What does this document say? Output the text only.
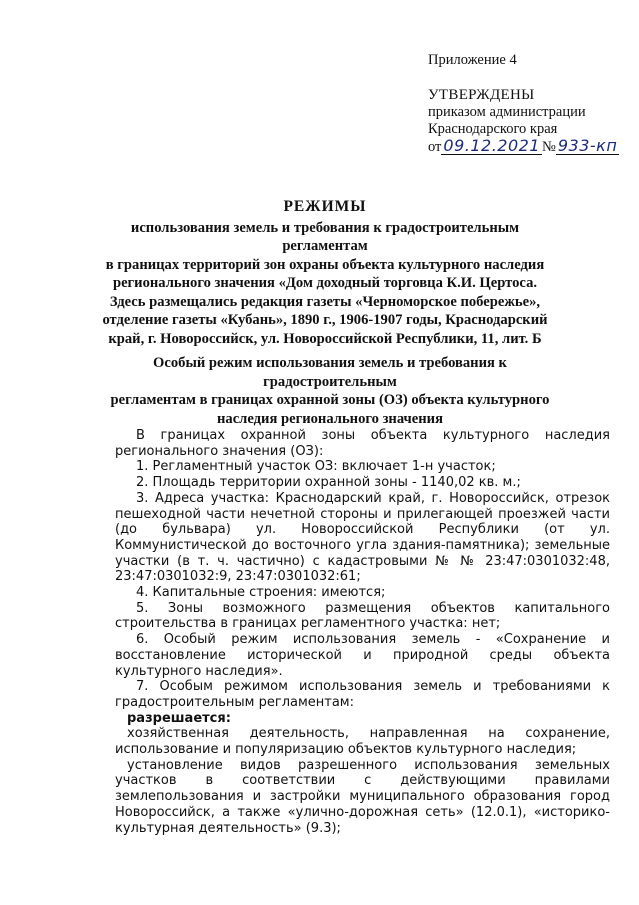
Приложение 4
УТВЕРЖДЕНЫ
приказом администрации
Краснодарского края
от 09.12.2021 № 933-кп
РЕЖИМЫ
использования земель и требования к градостроительным регламентам
в границах территорий зон охраны объекта культурного наследия
регионального значения «Дом доходный торговца К.И. Цертоса.
Здесь размещались редакция газеты «Черноморское побережье»,
отделение газеты «Кубань», 1890 г., 1906-1907 годы, Краснодарский
край, г. Новороссийск, ул. Новороссийской Республики, 11, лит. Б
Особый режим использования земель и требования к градостроительным
регламентам в границах охранной зоны (ОЗ) объекта культурного
наследия регионального значения

В границах охранной зоны объекта культурного наследия регионального значения (ОЗ):

1. Регламентный участок ОЗ: включает 1-н участок;

2. Площадь территории охранной зоны - 1140,02 кв. м.;

3. Адреса участка: Краснодарский край, г. Новороссийск, отрезок пешеходной части нечетной стороны и прилегающей проезжей части (до бульвара) ул. Новороссийской Республики (от ул. Коммунистической до восточного угла здания-памятника); земельные участки (в т. ч. частично) с кадастровыми № № 23:47:0301032:48, 23:47:0301032:9, 23:47:0301032:61;

4. Капитальные строения: имеются;

5. Зоны возможного размещения объектов капитального строительства в границах регламентного участка: нет;

6. Особый режим использования земель - «Сохранение и восстановление исторической и природной среды объекта культурного наследия».

7. Особым режимом использования земель и требованиями к градостроительным регламентам:

разрешается:

хозяйственная деятельность, направленная на сохранение, использование и популяризацию объектов культурного наследия;

установление видов разрешенного использования земельных участков в соответствии с действующими правилами землепользования и застройки муниципального образования город Новороссийск, а также «улично-дорожная сеть» (12.0.1), «историко-культурная деятельность» (9.3);
